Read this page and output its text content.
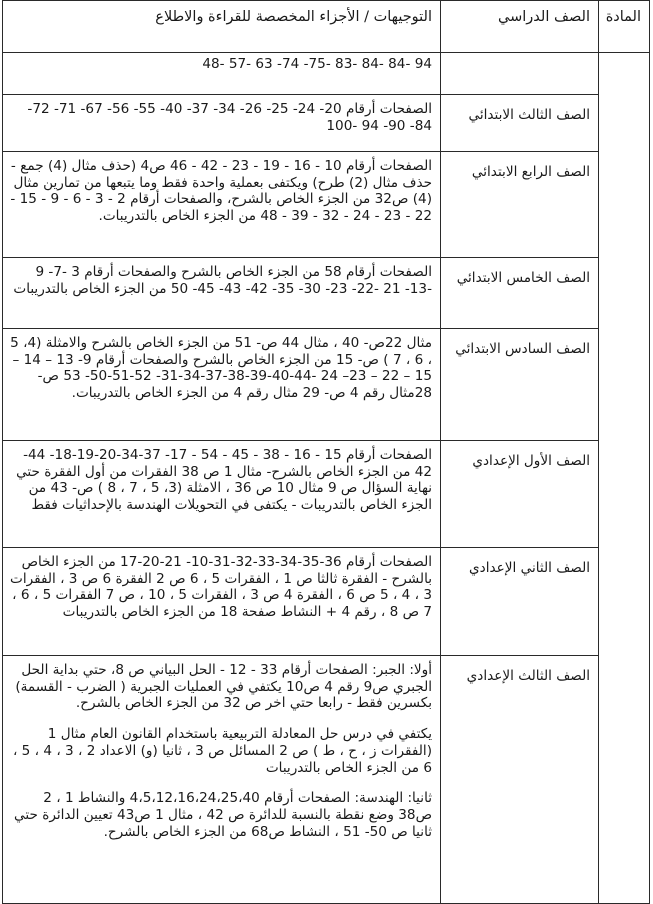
المادة	الصف الدراسي	التوجيهات / الأجزاء المخصصة للقراءة والاطلاع

		94 -84 -84 -83 -75- 74- 63 -57 -48

	الصف الثالث الابتدائي	الصفحات أرقام 20- 24- 25- 26- 34- 37- 40- 55- 56- 67- 71- 72- 84- 90- 94 -100

	الصف الرابع الابتدائي	الصفحات أرقام 10 - 16 - 19 - 23 - 42 - 46 ص4 (حذف مثال (4) جمع - حذف مثال (2) طرح) ويكتفى بعملية واحدة فقط وما يتبعها من تمارين مثال (4) ص32 من الجزء الخاص بالشرح، والصفحات أرقام 2 - 3 - 6 - 9 - 15 - 22 - 23 - 24 - 32 - 39 - 48 من الجزء الخاص بالتدريبات.

	الصف الخامس الابتدائي	الصفحات أرقام 58 من الجزء الخاص بالشرح والصفحات أرقام 3 -7- 9 -13- 21 -22- 23- 30- 35- 42- 43- 45- 50 من الجزء الخاص بالتدريبات

	الصف السادس الابتدائي	مثال 22ص- 40 ، مثال 44 ص- 51 من الجزء الخاص بالشرح والامثلة (4، 5 ، 6 ، 7 ) ص- 15 من الجزء الخاص بالشرح والصفحات أرقام 9- 13 – 14 – 15 – 22 – 23– 24 -44-40-39-38-37-34-31- 52-51-50- 53 ص- 28مثال رقم 4 ص- 29 مثال رقم 4 من الجزء الخاص بالتدريبات.

	الصف الأول الإعدادي	الصفحات أرقام 15 - 16 - 38 - 45 - 54 - 17- 37-34-20-19-18- 44-42 من الجزء الخاص بالشرح- مثال 1 ص 38 الفقرات من أول الفقرة حتي نهاية السؤال ص 9 مثال 10 ص 36 ، الامثلة (3، 5 ، 7 ، 8 ) ص- 43 من الجزء الخاص بالتدريبات - يكتفى في التحويلات الهندسة بالإحداثيات فقط

	الصف الثاني الإعدادي	الصفحات أرقام 36-35-34-33-32-31-10- 21-20-17 من الجزء الخاص بالشرح - الفقرة ثالثا ص 1 ، الفقرات 5 ، 6 ص 2 الفقرة 6 ص 3 ، الفقرات 3 ، 4 ، 5 ص 6 ، الفقرة 4 ص 3 ، الفقرات 5 ، 10 ، ص 7 الفقرات 5 ، 6 ، 7 ص 8 ، رقم 4 + النشاط صفحة 18 من الجزء الخاص بالتدريبات

	الصف الثالث الإعدادي	أولا: الجبر: الصفحات أرقام 33 - 12 - الحل البياني ص 8، حتي بداية الحل الجبري ص9 رقم 4 ص10 يكتفي في العمليات الجبرية ( الضرب - القسمة) بكسرين فقط - رابعا حتي اخر ص 32 من الجزء الخاص بالشرح.

يكتفي في درس حل المعادلة التربيعية باستخدام القانون العام مثال 1 (الفقرات ز ، ح ، ط ) ص 2 المسائل ص 3 ، ثانيا (و) الاعداد 2 ، 3 ، 4 ، 5 ، 6 من الجزء الخاص بالتدريبات

ثانيا: الهندسة: الصفحات أرقام 4،5،12،16،24،25،40 والنشاط 1 ، 2 ص38 وضع نقطة بالنسبة للدائرة ص 42 ، مثال 1 ص43 تعيين الدائرة حتي ثانيا ص 50- 51 ، النشاط ص68 من الجزء الخاص بالشرح.
